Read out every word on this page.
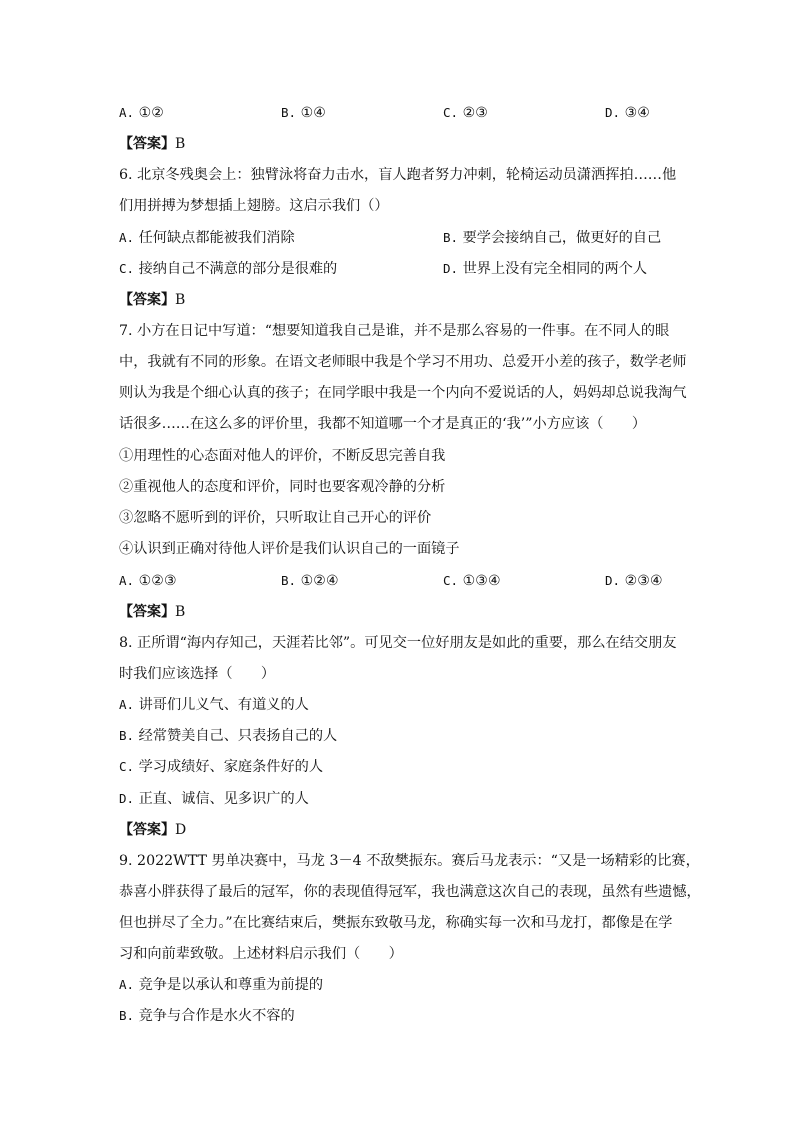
A. ①②	B. ①④	C. ②③	D. ③④
【答案】B
6. 北京冬残奥会上：独臂泳将奋力击水，盲人跑者努力冲刺，轮椅运动员潇洒挥拍……他
们用拼搏为梦想插上翅膀。这启示我们（）
A. 任何缺点都能被我们消除	B. 要学会接纳自己，做更好的自己
C. 接纳自己不满意的部分是很难的	D. 世界上没有完全相同的两个人
【答案】B
7. 小方在日记中写道：“想要知道我自己是谁，并不是那么容易的一件事。在不同人的眼
中，我就有不同的形象。在语文老师眼中我是个学习不用功、总爱开小差的孩子，数学老师
则认为我是个细心认真的孩子；在同学眼中我是一个内向不爱说话的人，妈妈却总说我淘气
话很多……在这么多的评价里，我都不知道哪一个才是真正的‘我’”小方应该（　　）
①用理性的心态面对他人的评价，不断反思完善自我
②重视他人的态度和评价，同时也要客观冷静的分析
③忽略不愿听到的评价，只听取让自己开心的评价
④认识到正确对待他人评价是我们认识自己的一面镜子
A. ①②③	B. ①②④	C. ①③④	D. ②③④
【答案】B
8. 正所谓“海内存知己，天涯若比邻”。可见交一位好朋友是如此的重要，那么在结交朋友
时我们应该选择（　　）
A. 讲哥们儿义气、有道义的人
B. 经常赞美自己、只表扬自己的人
C. 学习成绩好、家庭条件好的人
D. 正直、诚信、见多识广的人
【答案】D
9. 2022WTT 男单决赛中，马龙 3－4 不敌樊振东。赛后马龙表示：“又是一场精彩的比赛，
恭喜小胖获得了最后的冠军，你的表现值得冠军，我也满意这次自己的表现，虽然有些遗憾，
但也拼尽了全力。”在比赛结束后，樊振东致敬马龙，称确实每一次和马龙打，都像是在学
习和向前辈致敬。上述材料启示我们（　　）
A. 竞争是以承认和尊重为前提的
B. 竞争与合作是水火不容的
